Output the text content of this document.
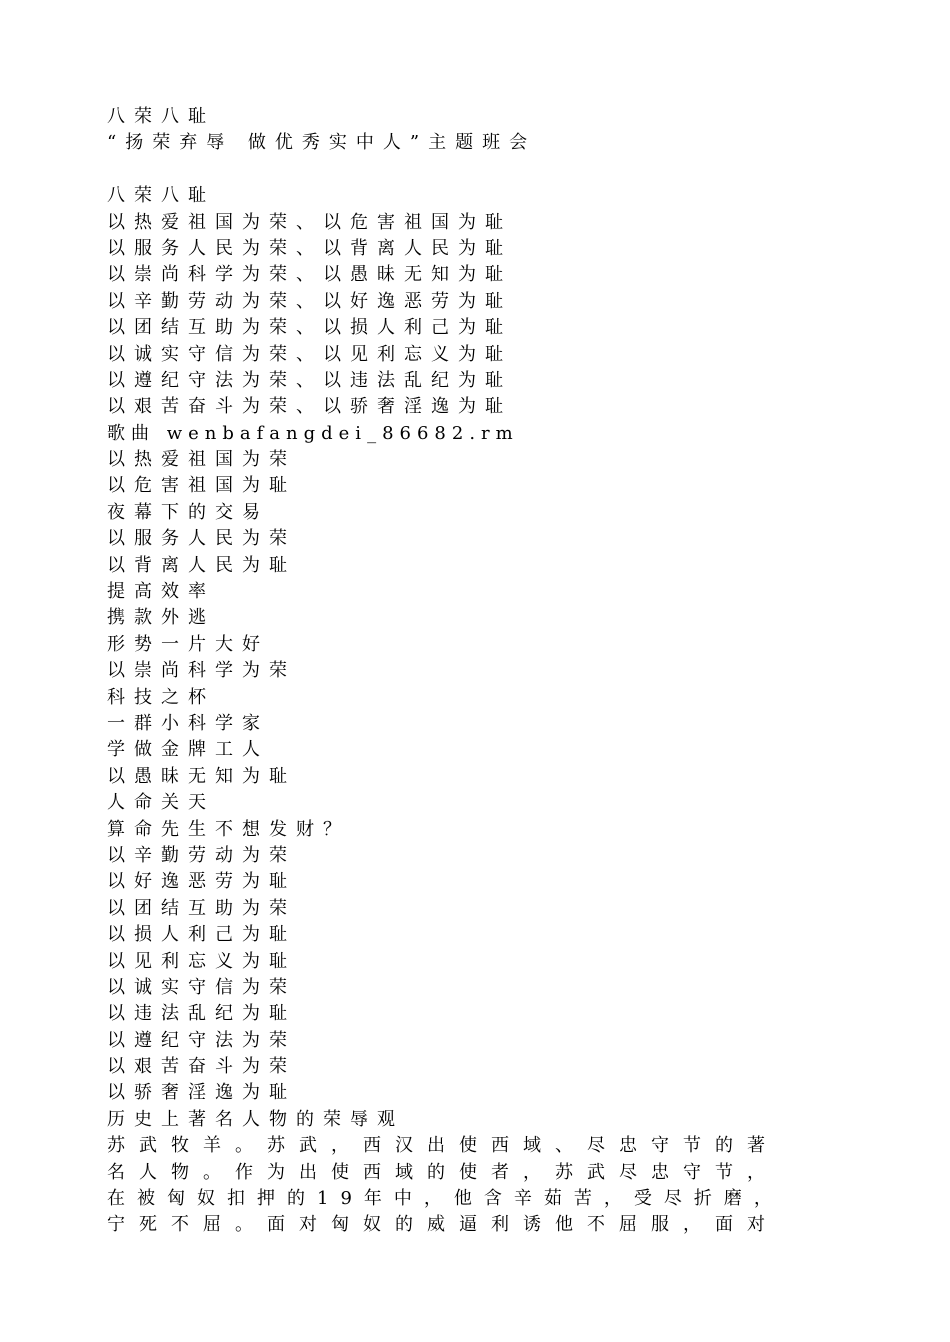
八荣八耻
“扬荣弃辱 做优秀实中人”主题班会
八荣八耻
以热爱祖国为荣、以危害祖国为耻
以服务人民为荣、以背离人民为耻
以崇尚科学为荣、以愚昧无知为耻
以辛勤劳动为荣、以好逸恶劳为耻
以团结互助为荣、以损人利己为耻
以诚实守信为荣、以见利忘义为耻
以遵纪守法为荣、以违法乱纪为耻
以艰苦奋斗为荣、以骄奢淫逸为耻
歌曲 wenbafangdei_86682.rm
以热爱祖国为荣
以危害祖国为耻
夜幕下的交易
以服务人民为荣
以背离人民为耻
提高效率
携款外逃
形势一片大好
以崇尚科学为荣
科技之杯
一群小科学家
学做金牌工人
以愚昧无知为耻
人命关天
算命先生不想发财？
以辛勤劳动为荣
以好逸恶劳为耻
以团结互助为荣
以损人利己为耻
以见利忘义为耻
以诚实守信为荣
以违法乱纪为耻
以遵纪守法为荣
以艰苦奋斗为荣
以骄奢淫逸为耻
历史上著名人物的荣辱观
苏武牧羊。苏武，西汉出使西域、尽忠守节的著
名人物。作为出使西域的使者，苏武尽忠守节，
在被匈奴扣押的19年中，他含辛茹苦，受尽折磨，
宁死不屈。面对匈奴的威逼利诱他不屈服，面对
